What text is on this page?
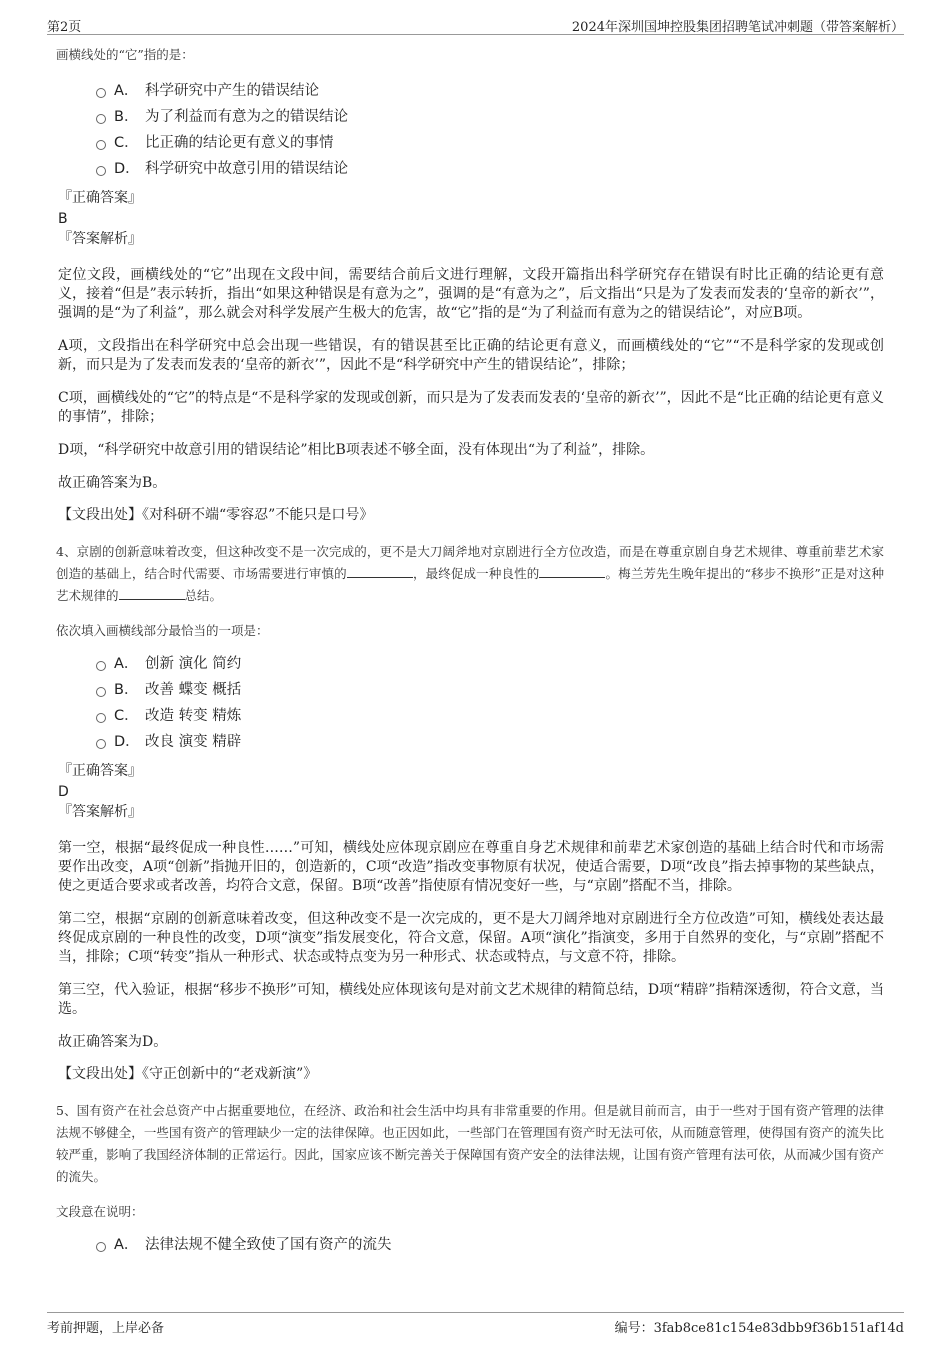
第2页	2024年深圳国坤控股集团招聘笔试冲刺题（带答案解析）
画横线处的“它”指的是：
A． 科学研究中产生的错误结论
B． 为了利益而有意为之的错误结论
C． 比正确的结论更有意义的事情
D． 科学研究中故意引用的错误结论
『正确答案』
B
『答案解析』
定位文段，画横线处的“它”出现在文段中间，需要结合前后文进行理解，文段开篇指出科学研究存在错误有时比正确的结论更有意义，接着“但是”表示转折，指出“如果这种错误是有意为之”，强调的是“有意为之”，后文指出“只是为了发表而发表的‘皇帝的新衣’”，强调的是“为了利益”，那么就会对科学发展产生极大的危害，故“它”指的是“为了利益而有意为之的错误结论”，对应B项。
A项，文段指出在科学研究中总会出现一些错误，有的错误甚至比正确的结论更有意义，而画横线处的“它”“不是科学家的发现或创新，而只是为了发表而发表的‘皇帝的新衣’”，因此不是“科学研究中产生的错误结论”，排除；
C项，画横线处的“它”的特点是“不是科学家的发现或创新，而只是为了发表而发表的‘皇帝的新衣’”，因此不是“比正确的结论更有意义的事情”，排除；
D项，“科学研究中故意引用的错误结论”相比B项表述不够全面，没有体现出“为了利益”，排除。
故正确答案为B。
【文段出处】《对科研不端“零容忍”不能只是口号》
4、京剧的创新意味着改变，但这种改变不是一次完成的，更不是大刀阔斧地对京剧进行全方位改造，而是在尊重京剧自身艺术规律、尊重前辈艺术家创造的基础上，结合时代需要、市场需要进行审慎的	，最终促成一种良性的	。梅兰芳先生晚年提出的“移步不换形”正是对这种艺术规律的	总结。
依次填入画横线部分最恰当的一项是：
A． 创新 演化 简约
B． 改善 蝶变 概括
C． 改造 转变 精炼
D． 改良 演变 精辟
『正确答案』
D
『答案解析』
第一空，根据“最终促成一种良性……”可知，横线处应体现京剧应在尊重自身艺术规律和前辈艺术家创造的基础上结合时代和市场需要作出改变，A项“创新”指抛开旧的，创造新的，C项“改造”指改变事物原有状况，使适合需要，D项“改良”指去掉事物的某些缺点，使之更适合要求或者改善，均符合文意，保留。B项“改善”指使原有情况变好一些，与“京剧”搭配不当，排除。
第二空，根据“京剧的创新意味着改变，但这种改变不是一次完成的，更不是大刀阔斧地对京剧进行全方位改造”可知，横线处表达最终促成京剧的一种良性的改变，D项“演变”指发展变化，符合文意，保留。A项“演化”指演变，多用于自然界的变化，与“京剧”搭配不当，排除；C项“转变”指从一种形式、状态或特点变为另一种形式、状态或特点，与文意不符，排除。
第三空，代入验证，根据“移步不换形”可知，横线处应体现该句是对前文艺术规律的精简总结，D项“精辟”指精深透彻，符合文意，当选。
故正确答案为D。
【文段出处】《守正创新中的“老戏新演”》
5、国有资产在社会总资产中占据重要地位，在经济、政治和社会生活中均具有非常重要的作用。但是就目前而言，由于一些对于国有资产管理的法律法规不够健全，一些国有资产的管理缺少一定的法律保障。也正因如此，一些部门在管理国有资产时无法可依，从而随意管理，使得国有资产的流失比较严重，影响了我国经济体制的正常运行。因此，国家应该不断完善关于保障国有资产安全的法律法规，让国有资产管理有法可依，从而减少国有资产的流失。
文段意在说明：
A． 法律法规不健全致使了国有资产的流失
考前押题，上岸必备	编号：3fab8ce81c154e83dbb9f36b151af14d
